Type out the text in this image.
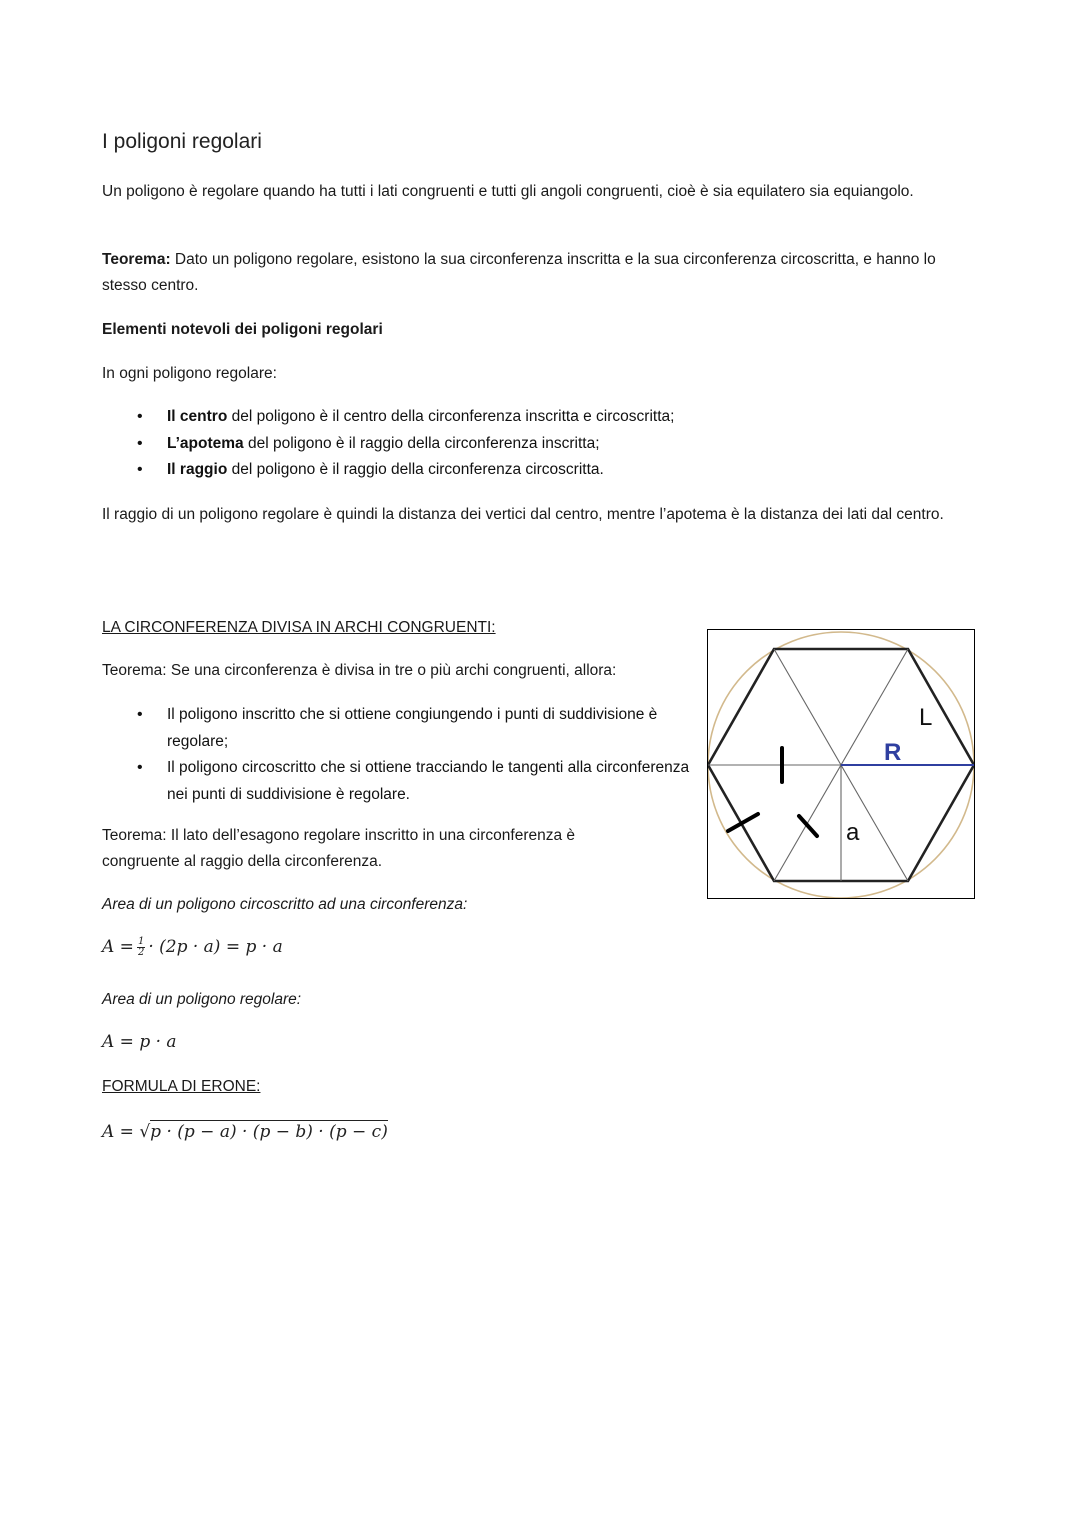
I poligoni regolari
Un poligono è regolare quando ha tutti i lati congruenti e tutti gli angoli congruenti, cioè è sia equilatero sia equiangolo.
Teorema: Dato un poligono regolare, esistono la sua circonferenza inscritta e la sua circonferenza circoscritta, e hanno lo stesso centro.
Elementi notevoli dei poligoni regolari
In ogni poligono regolare:
• Il centro del poligono è il centro della circonferenza inscritta e circoscritta;
• L’apotema del poligono è il raggio della circonferenza inscritta;
• Il raggio del poligono è il raggio della circonferenza circoscritta.
Il raggio di un poligono regolare è quindi la distanza dei vertici dal centro, mentre l’apotema è la distanza dei lati dal centro.
LA CIRCONFERENZA DIVISA IN ARCHI CONGRUENTI:
Teorema: Se una circonferenza è divisa in tre o più archi congruenti, allora:
• Il poligono inscritto che si ottiene congiungendo i punti di suddivisione è regolare;
• Il poligono circoscritto che si ottiene tracciando le tangenti alla circonferenza nei punti di suddivisione è regolare.
Teorema: Il lato dell’esagono regolare inscritto in una circonferenza è congruente al raggio della circonferenza.
Area di un poligono circoscritto ad una circonferenza:
$A = \frac{1}{2} \cdot (2p \cdot a) = p \cdot a$
Area di un poligono regolare:
A = p · a
FORMULA DI ERONE:
A = √p · (p − a) · (p − b) · (p − c)
L
R
a
